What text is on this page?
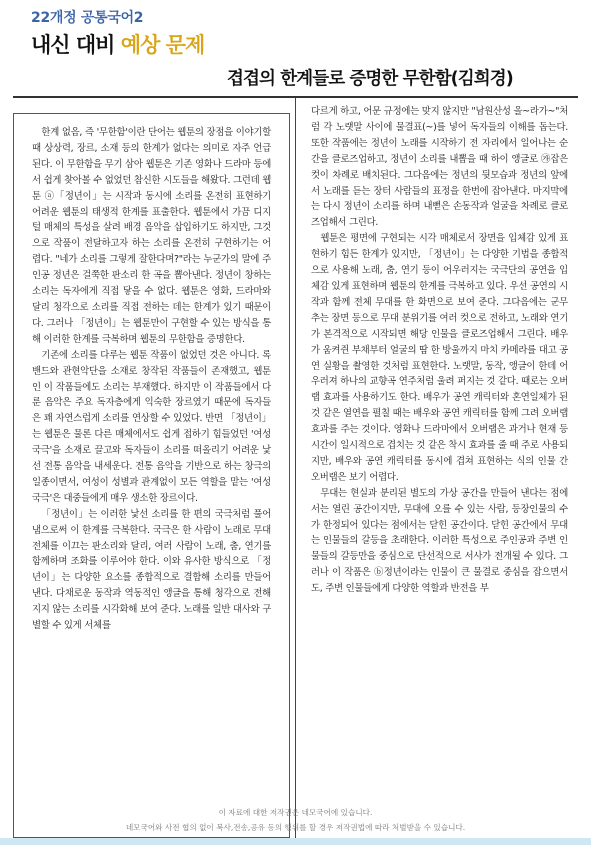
22개정 공통국어2
내신 대비 예상 문제
겹겹의 한계들로 증명한 무한함(김희경)

한계 없음, 즉 '무한함'이란 단어는 웹툰의 장점을 이야기할 때 상상력, 장르, 소재 등의 한계가 없다는 의미로 자주 언급된다. 이 무한함을 무기 삼아 웹툰은 기존 영화나 드라마 등에서 쉽게 찾아볼 수 없었던 참신한 시도들을 해왔다. 그런데 웹툰 ⓐ「정년이」는 시작과 동시에 소리를 온전히 표현하기 어려운 웹툰의 태생적 한계를 표출한다. 웹툰에서 가끔 디지털 매체의 특성을 살려 배경 음악을 삽입하기도 하지만, 그것으로 작품이 전달하고자 하는 소리를 온전히 구현하기는 어렵다. "네가 소리를 그렇게 잘한다며?"라는 누군가의 말에 주인공 정년은 걸쭉한 판소리 한 곡을 뽑아낸다. 정년이 창하는 소리는 독자에게 직접 닿을 수 없다. 웹툰은 영화, 드라마와 달리 청각으로 소리를 직접 전하는 데는 한계가 있기 때문이다. 그러나 「정년이」는 웹툰만이 구현할 수 있는 방식을 통해 이러한 한계를 극복하며 웹툰의 무한함을 증명한다.

기존에 소리를 다루는 웹툰 작품이 없었던 것은 아니다. 록 밴드와 관현악단을 소재로 창작된 작품들이 존재했고, 웹툰인 이 작품들에도 소리는 부재했다. 하지만 이 작품들에서 다룬 음악은 주요 독자층에게 익숙한 장르였기 때문에 독자들은 꽤 자연스럽게 소리를 연상할 수 있었다. 반면 「정년이」는 웹툰은 물론 다른 매체에서도 쉽게 접하기 힘들었던 '여성 국극'을 소재로 끌고와 독자들이 소리를 떠올리기 어려운 낯선 전통 음악을 내세운다. 전통 음악을 기반으로 하는 창극의 일종이면서, 여성이 성별과 관계없이 모든 역할을 맡는 '여성 국극'은 대중들에게 매우 생소한 장르이다.

「정년이」는 이러한 낯선 소리를 한 편의 국극처럼 풀어냄으로써 이 한계를 극복한다. 국극은 한 사람이 노래로 무대 전체를 이끄는 판소리와 달리, 여러 사람이 노래, 춤, 연기를 함께하며 조화를 이루어야 한다. 이와 유사한 방식으로 「정년이」는 다양한 요소를 종합적으로 결합해 소리를 만들어 낸다. 다채로운 동작과 역동적인 앵글을 통해 청각으로 전해지지 않는 소리를 시각화해 보여 준다. 노래를 일반 대사와 구별할 수 있게 서체를

다르게 하고, 어문 규정에는 맞지 않지만 "남원산성 올~라가~"처럼 각 노랫말 사이에 물결표(~)를 넣어 독자들의 이해를 돕는다. 또한 작품에는 정년이 노래를 시작하기 전 자리에서 일어나는 순간을 클로즈업하고, 정년이 소리를 내뽑을 때 하이 앵글로 ㉮잡은 컷이 차례로 배치된다. 그다음에는 정년의 뒷모습과 정년의 앞에서 노래를 듣는 장터 사람들의 표정을 한번에 잡아낸다. 마지막에는 다시 정년이 소리를 하며 내뻗은 손동작과 얼굴을 차례로 클로즈업해서 그린다.

웹툰은 평면에 구현되는 시각 매체로서 장면을 입체감 있게 표현하기 힘든 한계가 있지만, 「정년이」는 다양한 기법을 종합적으로 사용해 노래, 춤, 연기 등이 어우러지는 국극단의 공연을 입체감 있게 표현하며 웹툰의 한계를 극복하고 있다. 우선 공연의 시작과 함께 전체 무대를 한 화면으로 보여 준다. 그다음에는 군무 추는 장면 등으로 무대 분위기를 여러 컷으로 전하고, 노래와 연기가 본격적으로 시작되면 해당 인물을 클로즈업해서 그린다. 배우가 움켜쥔 부채부터 얼굴의 땀 한 방울까지 마치 카메라를 대고 공연 실황을 촬영한 것처럼 표현한다. 노랫말, 동작, 앵글이 한데 어우러져 하나의 교향곡 연주처럼 울려 퍼지는 것 같다. 때로는 오버랩 효과를 사용하기도 한다. 배우가 공연 캐릭터와 혼연일체가 된 것 같은 열연을 펼칠 때는 배우와 공연 캐릭터를 함께 그려 오버랩 효과를 주는 것이다. 영화나 드라마에서 오버랩은 과거나 현재 등 시간이 일시적으로 겹치는 것 같은 착시 효과를 줄 때 주로 사용되지만, 배우와 공연 캐릭터를 동시에 겹쳐 표현하는 식의 인물 간 오버랩은 보기 어렵다.

무대는 현실과 분리된 별도의 가상 공간을 만들어 낸다는 점에서는 열린 공간이지만, 무대에 오를 수 있는 사람, 등장인물의 수가 한정되어 있다는 점에서는 닫힌 공간이다. 닫힌 공간에서 무대는 인물들의 갈등을 초래한다. 이러한 특성으로 주인공과 주변 인물들의 갈등만을 중심으로 단선적으로 서사가 전개될 수 있다. 그러나 이 작품은 ⓑ정년이라는 인물이 큰 물결로 중심을 잡으면서도, 주변 인물들에게 다양한 역할과 반전을 부

이 자료에 대한 저작권은 네모국어에 있습니다.
네모국어와 사전 협의 없이 복사,전송,공유 등의 행위를 할 경우 저작권법에 따라 처벌받을 수 있습니다.
